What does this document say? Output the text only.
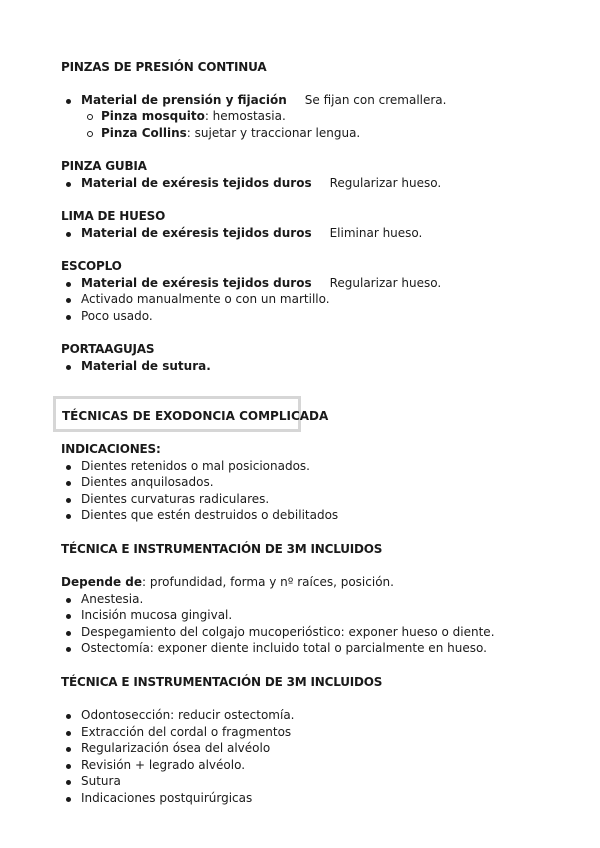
PINZAS DE PRESIÓN CONTINUA
Material de prensión y fijación Se fijan con cremallera.
Pinza mosquito: hemostasia.
Pinza Collins: sujetar y traccionar lengua.
PINZA GUBIA
Material de exéresis tejidos duros Regularizar hueso.
LIMA DE HUESO
Material de exéresis tejidos duros Eliminar hueso.
ESCOPLO
Material de exéresis tejidos duros Regularizar hueso.
Activado manualmente o con un martillo.
Poco usado.
PORTAAGUJAS
Material de sutura.
TÉCNICAS DE EXODONCIA COMPLICADA
INDICACIONES:
Dientes retenidos o mal posicionados.
Dientes anquilosados.
Dientes curvaturas radiculares.
Dientes que estén destruidos o debilitados
TÉCNICA E INSTRUMENTACIÓN DE 3M INCLUIDOS
Depende de: profundidad, forma y nº raíces, posición.
Anestesia.
Incisión mucosa gingival.
Despegamiento del colgajo mucoperióstico: exponer hueso o diente.
Ostectomía: exponer diente incluido total o parcialmente en hueso.
TÉCNICA E INSTRUMENTACIÓN DE 3M INCLUIDOS
Odontosección: reducir ostectomía.
Extracción del cordal o fragmentos
Regularización ósea del alvéolo
Revisión + legrado alvéolo.
Sutura
Indicaciones postquirúrgicas
